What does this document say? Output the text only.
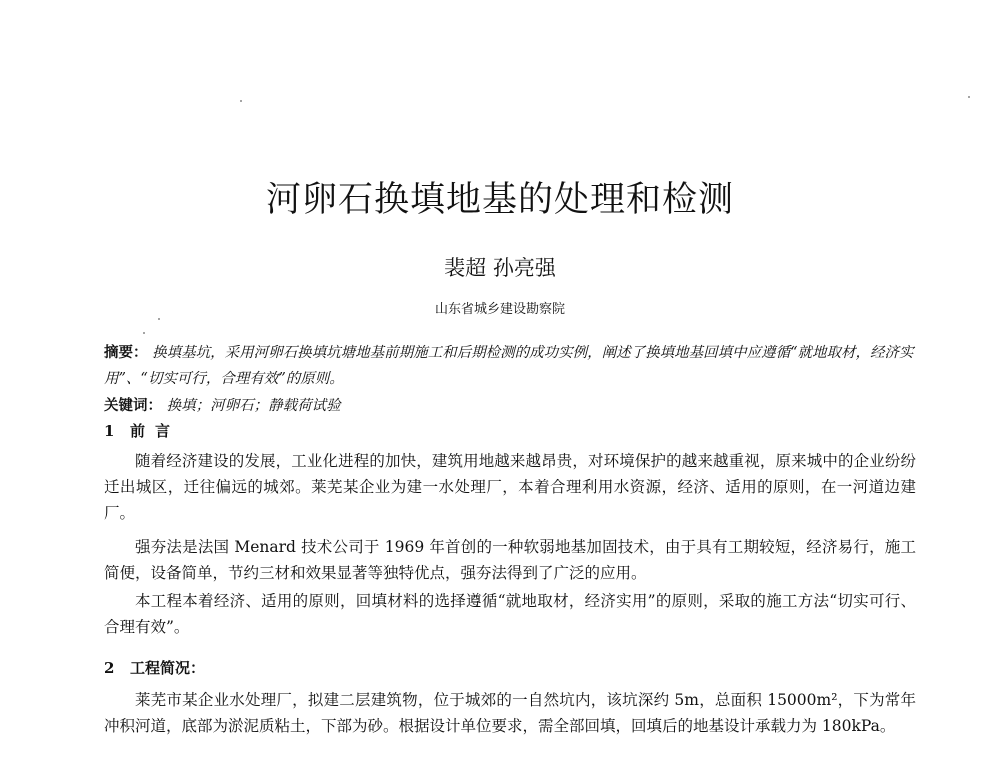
河卵石换填地基的处理和检测
裴超 孙亮强
山东省城乡建设勘察院
摘要： 换填基坑，采用河卵石换填坑塘地基前期施工和后期检测的成功实例，阐述了换填地基回填中应遵循“就地取材，经济实用”、“切实可行，合理有效”的原则。
关键词： 换填；河卵石；静载荷试验
1 前言

随着经济建设的发展，工业化进程的加快，建筑用地越来越昂贵，对环境保护的越来越重视，原来城中的企业纷纷迁出城区，迁往偏远的城郊。莱芜某企业为建一水处理厂，本着合理利用水资源，经济、适用的原则，在一河道边建厂。

强夯法是法国 Menard 技术公司于 1969 年首创的一种软弱地基加固技术，由于具有工期较短，经济易行，施工简便，设备简单，节约三材和效果显著等独特优点，强夯法得到了广泛的应用。

本工程本着经济、适用的原则，回填材料的选择遵循“就地取材，经济实用”的原则，采取的施工方法“切实可行、合理有效”。

2 工程简况：

莱芜市某企业水处理厂，拟建二层建筑物，位于城郊的一自然坑内，该坑深约 5m，总面积 15000m²，下为常年冲积河道，底部为淤泥质粘土，下部为砂。根据设计单位要求，需全部回填，回填后的地基设计承载力为 180kPa。
